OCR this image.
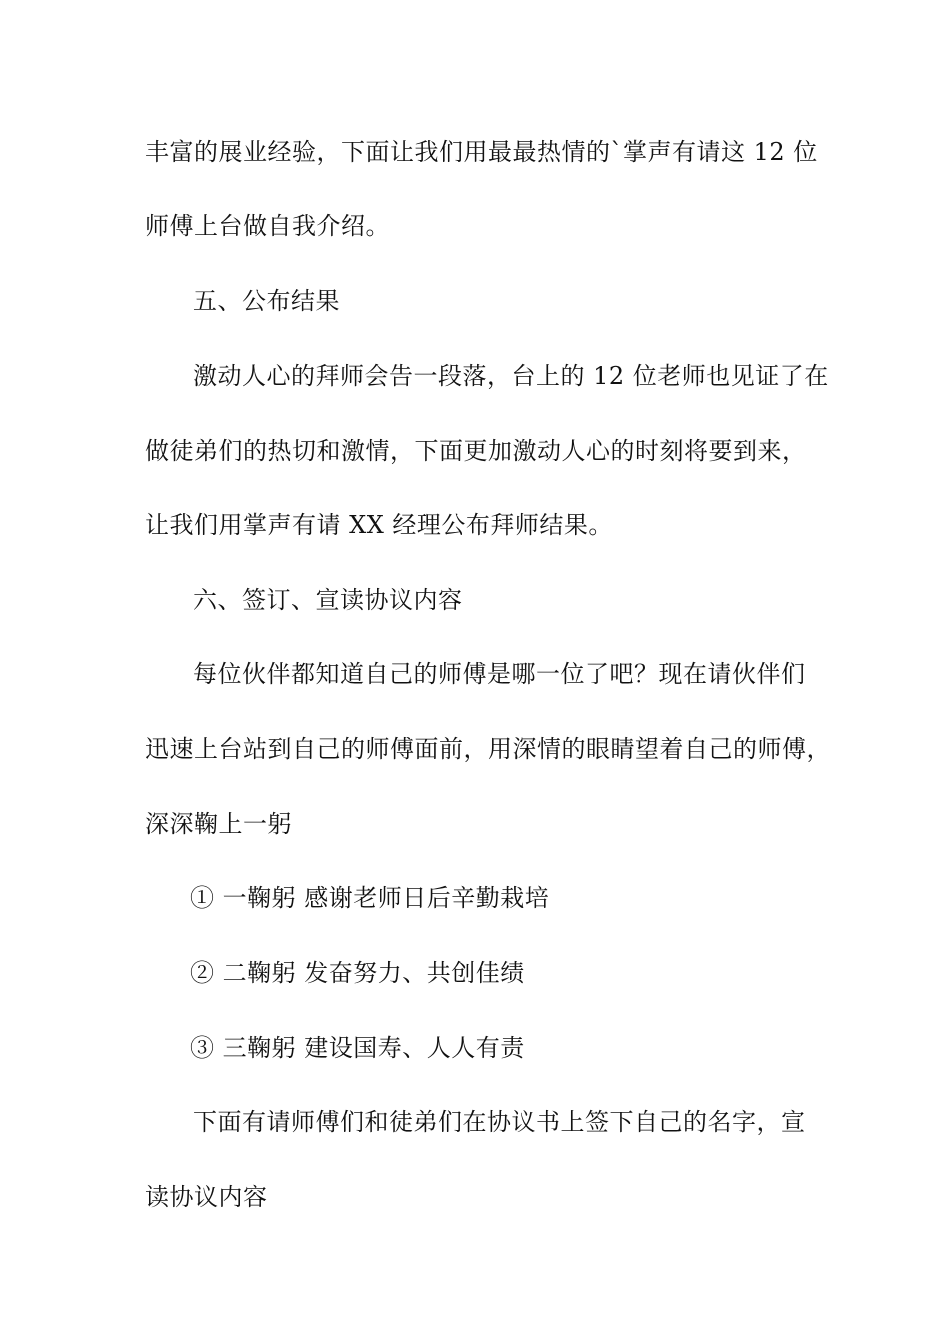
丰富的展业经验，下面让我们用最最热情的`掌声有请这 12 位
师傅上台做自我介绍。
五、公布结果
激动人心的拜师会告一段落，台上的 12 位老师也见证了在
做徒弟们的热切和激情，下面更加激动人心的时刻将要到来，
让我们用掌声有请 XX 经理公布拜师结果。
六、签订、宣读协议内容
每位伙伴都知道自己的师傅是哪一位了吧？现在请伙伴们
迅速上台站到自己的师傅面前，用深情的眼睛望着自己的师傅，
深深鞠上一躬
① 一鞠躬 感谢老师日后辛勤栽培
② 二鞠躬 发奋努力、共创佳绩
③ 三鞠躬 建设国寿、人人有责
下面有请师傅们和徒弟们在协议书上签下自己的名字，宣
读协议内容
